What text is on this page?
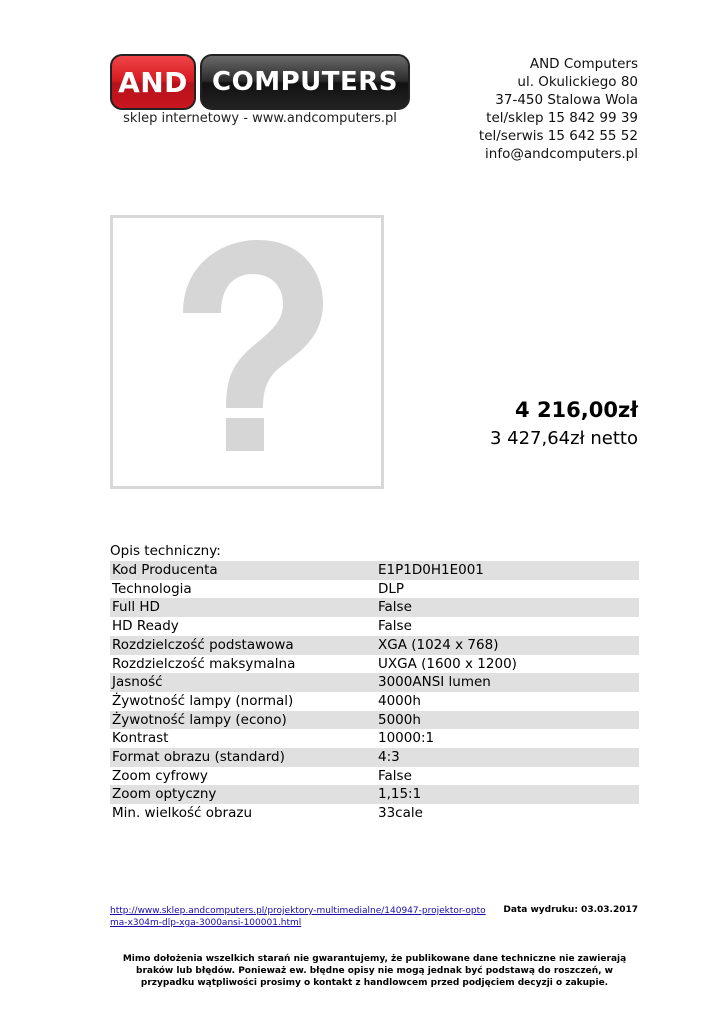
AND COMPUTERS
sklep internetowy - www.andcomputers.pl
AND Computers
ul. Okulickiego 80
37-450 Stalowa Wola
tel/sklep 15 842 99 39
tel/serwis 15 642 55 52
info@andcomputers.pl
4 216,00zł
3 427,64zł netto
Opis techniczny:
Kod Producenta	E1P1D0H1E001
Technologia	DLP
Full HD	False
HD Ready	False
Rozdzielczość podstawowa	XGA (1024 x 768)
Rozdzielczość maksymalna	UXGA (1600 x 1200)
Jasność	3000ANSI lumen
Żywotność lampy (normal)	4000h
Żywotność lampy (econo)	5000h
Kontrast	10000:1
Format obrazu (standard)	4:3
Zoom cyfrowy	False
Zoom optyczny	1,15:1
Min. wielkość obrazu	33cale
http://www.sklep.andcomputers.pl/projektory-multimedialne/140947-projektor-optoma-x304m-dlp-xga-3000ansi-100001.html
Data wydruku: 03.03.2017
Mimo dołożenia wszelkich starań nie gwarantujemy, że publikowane dane techniczne nie zawierają braków lub błędów. Ponieważ ew. błędne opisy nie mogą jednak być podstawą do roszczeń, w przypadku wątpliwości prosimy o kontakt z handlowcem przed podjęciem decyzji o zakupie.
